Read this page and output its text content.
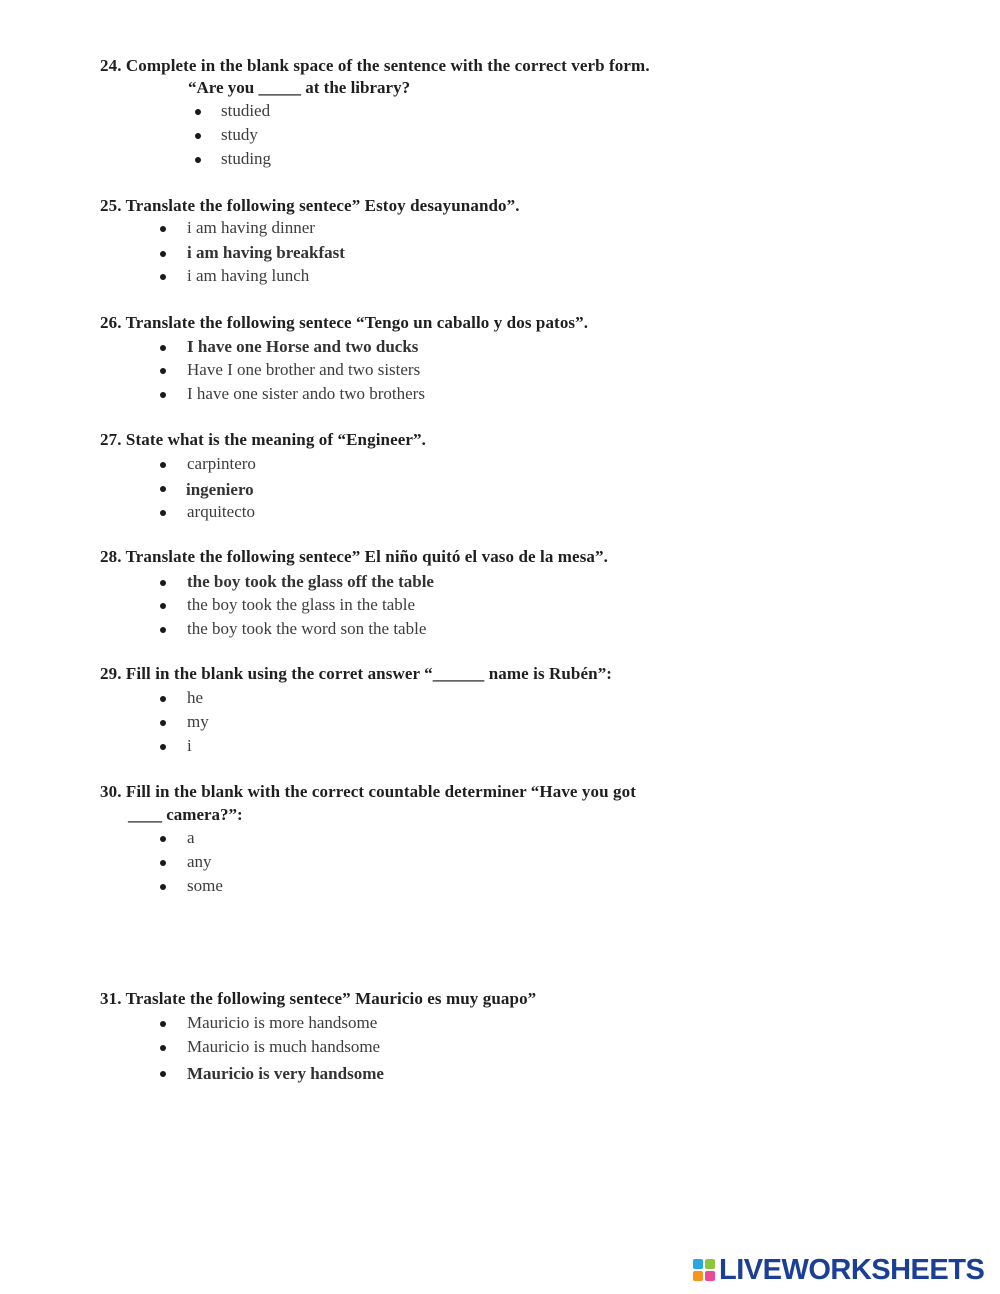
24. Complete in the blank space of the sentence with the correct verb form.
“Are you _____ at the library?
studied
study
studing
25. Translate the following sentece” Estoy desayunando”.
i am having dinner
i am having breakfast
i am having lunch
26. Translate the following sentece “Tengo un caballo y dos patos”.
I have one Horse and two ducks
Have I one brother and two sisters
I have one sister ando two brothers
27. State what is the meaning of “Engineer”.
carpintero
ingeniero
arquitecto
28. Translate the following sentece” El niño quitó el vaso de la mesa”.
the boy took the glass off the table
the boy took the glass in the table
the boy took the word son the table
29. Fill in the blank using the corret answer “______ name is Rubén”:
he
my
i
30. Fill in the blank with the correct countable determiner “Have you got
____ camera?”:
a
any
some
31. Traslate the following sentece” Mauricio es muy guapo”
Mauricio is more handsome
Mauricio is much handsome
Mauricio is very handsome
LIVEWORKSHEETS
